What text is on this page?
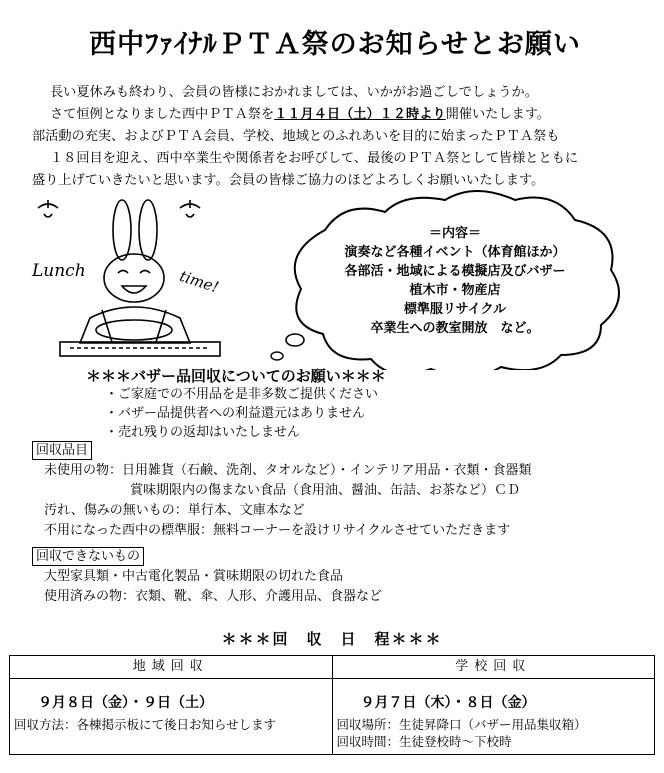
西中ﾌｧｲﾅﾙＰＴＡ祭のお知らせとお願い

長い夏休みも終わり、会員の皆様におかれましては、いかがお過ごしでしょうか。

さて恒例となりました西中ＰＴＡ祭を１１月４日（土）１２時より開催いたします。

部活動の充実、およびＰＴＡ会員、学校、地域とのふれあいを目的に始まったＰＴＡ祭も

１８回目を迎え、西中卒業生や関係者をお呼びして、最後のＰＴＡ祭として皆様とともに

盛り上げていきたいと思います。会員の皆様ご協力のほどよろしくお願いいたします。

Lunch	time!
＝内容＝
演奏など各種イベント（体育館ほか）
各部活・地域による模擬店及びバザー
植木市・物産店
標準服リサイクル
卒業生への教室開放　など。
＊＊＊バザー品回収についてのお願い＊＊＊
・ご家庭での不用品を是非多数ご提供ください
・バザー品提供者への利益還元はありません
・売れ残りの返却はいたしません
回収品目
未使用の物：日用雑貨（石鹸、洗剤、タオルなど）・インテリア用品・衣類・食器類
賞味期限内の傷まない食品（食用油、醤油、缶詰、お茶など）ＣＤ
汚れ、傷みの無いもの：単行本、文庫本など
不用になった西中の標準服：無料コーナーを設けリサイクルさせていただきます
回収できないもの
大型家具類・中古電化製品・賞味期限の切れた食品
使用済みの物：衣類、靴、傘、人形、介護用品、食器など
＊＊＊回　収　日　程＊＊＊
地域回収
９月８日（金）・９日（土）
回収方法：各棟掲示板にて後日お知らせします
学校回収
９月７日（木）・８日（金）
回収場所：生徒昇降口（バザー用品集収箱）
回収時間：生徒登校時〜下校時
